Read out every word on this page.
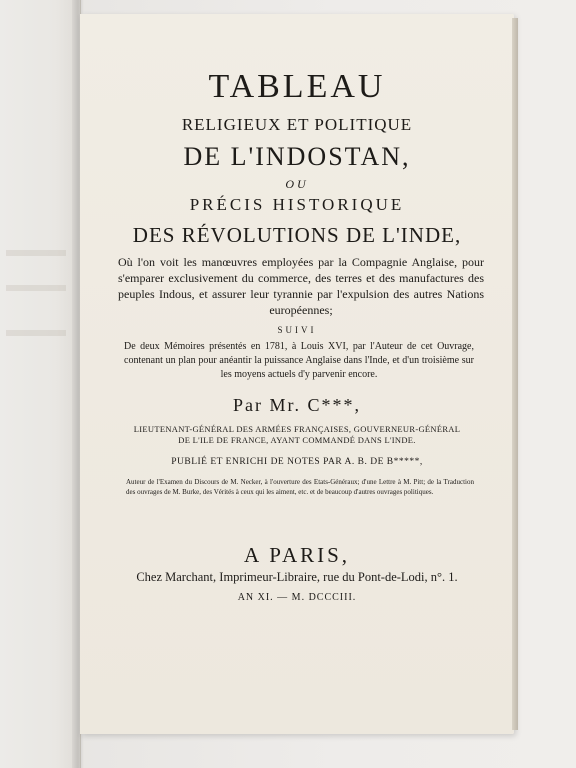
TABLEAU
RELIGIEUX ET POLITIQUE
DE L'INDOSTAN,
OU
PRÉCIS HISTORIQUE
DES RÉVOLUTIONS DE L'INDE,
Où l'on voit les manœuvres employées par la Compagnie Anglaise, pour s'emparer exclusivement du commerce, des terres et des manufactures des peuples Indous, et assurer leur tyrannie par l'expulsion des autres Nations européennes;
SUIVI
De deux Mémoires présentés en 1781, à Louis XVI, par l'Auteur de cet Ouvrage, contenant un plan pour anéantir la puissance Anglaise dans l'Inde, et d'un troisième sur les moyens actuels d'y parvenir encore.
Par Mr. C***,
LIEUTENANT-GÉNÉRAL DES ARMÉES FRANÇAISES, GOUVERNEUR-GÉNÉRAL DE L'ILE DE FRANCE, AYANT COMMANDÉ DANS L'INDE.
PUBLIÉ ET ENRICHI DE NOTES PAR A. B. DE B*****,
Auteur de l'Examen du Discours de M. Necker, à l'ouverture des Etats-Généraux; d'une Lettre à M. Pitt; de la Traduction des ouvrages de M. Burke, des Vérités à ceux qui les aiment, etc. et de beaucoup d'autres ouvrages politiques.
A PARIS,
Chez Marchant, Imprimeur-Libraire, rue du Pont-de-Lodi, n°. 1.
AN XI. — M. DCCCIII.
